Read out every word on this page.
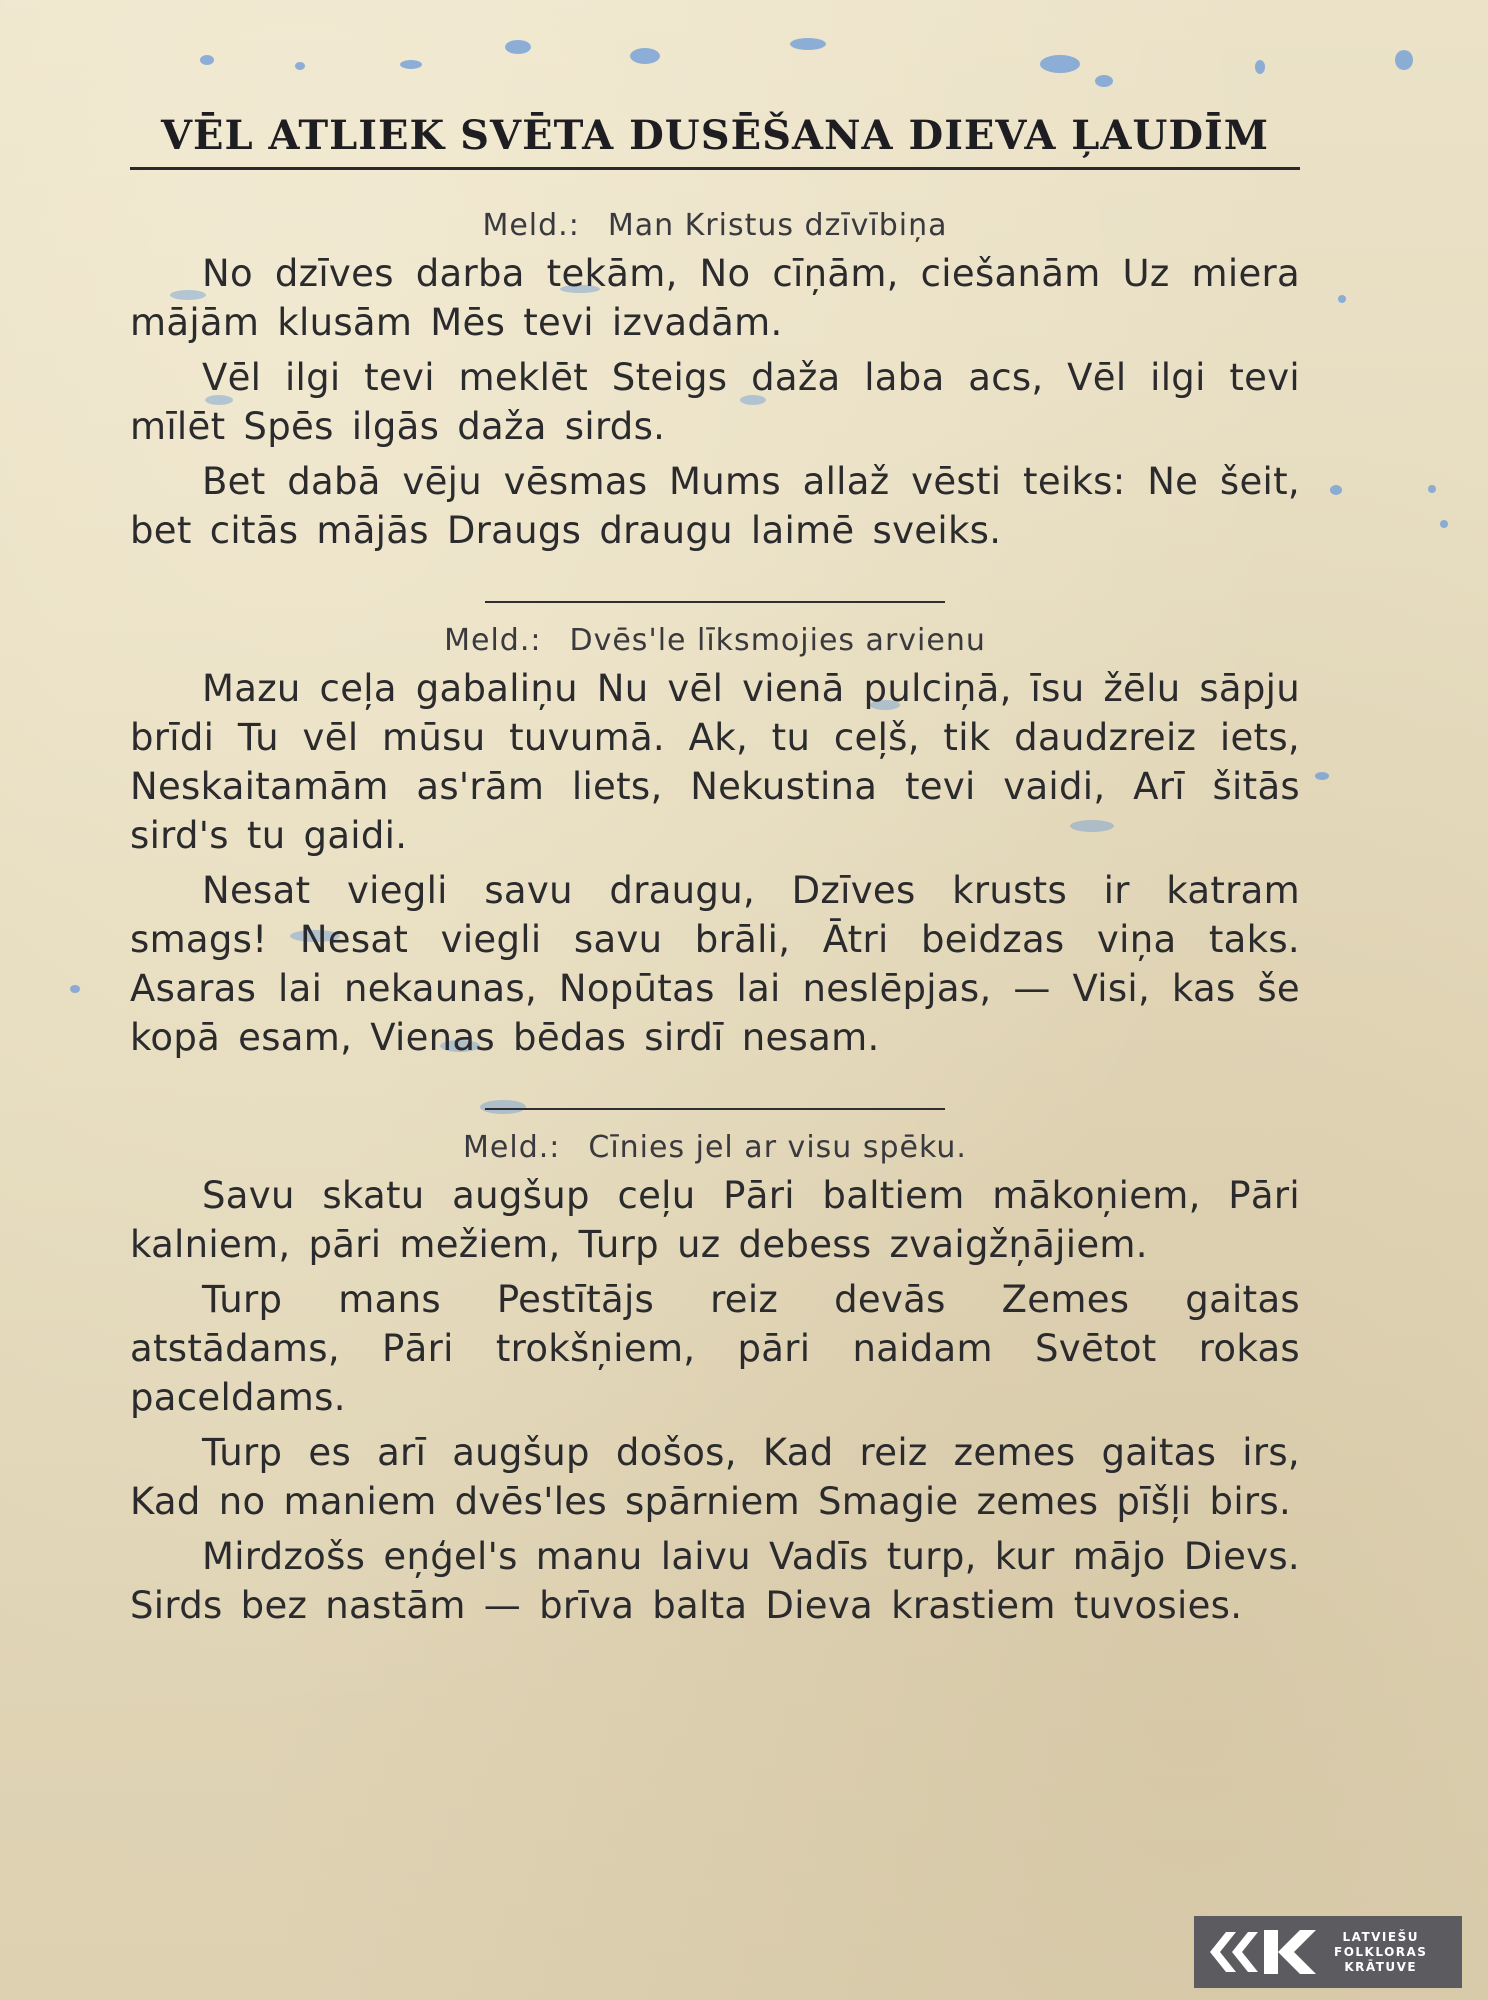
VĒL ATLIEK SVĒTA DUSĒŠANA DIEVA ĻAUDĪM
Meld.: Man Kristus dzīvībiņa

No dzīves darba tekām, No cīņām, ciešanām Uz miera mājām klusām Mēs tevi izvadām.

Vēl ilgi tevi meklēt Steigs daža laba acs, Vēl ilgi tevi mīlēt Spēs ilgās daža sirds.

Bet dabā vēju vēsmas Mums allaž vēsti teiks: Ne šeit, bet citās mājās Draugs draugu laimē sveiks.

Meld.: Dvēs'le līksmojies arvienu

Mazu ceļa gabaliņu Nu vēl vienā pulciņā, īsu žēlu sāpju brīdi Tu vēl mūsu tuvumā. Ak, tu ceļš, tik daudzreiz iets, Neskaitamām as'rām liets, Nekustina tevi vaidi, Arī šitās sird's tu gaidi.

Nesat viegli savu draugu, Dzīves krusts ir katram smags! Nesat viegli savu brāli, Ātri beidzas viņa taks. Asaras lai nekaunas, Nopūtas lai neslēpjas, — Visi, kas še kopā esam, Vienas bēdas sirdī nesam.

Meld.: Cīnies jel ar visu spēku.

Savu skatu augšup ceļu Pāri baltiem mākoņiem, Pāri kalniem, pāri mežiem, Turp uz debess zvaigžņājiem.

Turp mans Pestītājs reiz devās Zemes gaitas atstādams, Pāri trokšņiem, pāri naidam Svētot rokas paceldams.

Turp es arī augšup došos, Kad reiz zemes gaitas irs, Kad no maniem dvēs'les spārniem Smagie zemes pīšļi birs.

Mirdzošs eņģel's manu laivu Vadīs turp, kur mājo Dievs. Sirds bez nastām — brīva balta Dieva krastiem tuvosies.

LATVIEŠU
FOLKLORAS
KRĀTUVE
